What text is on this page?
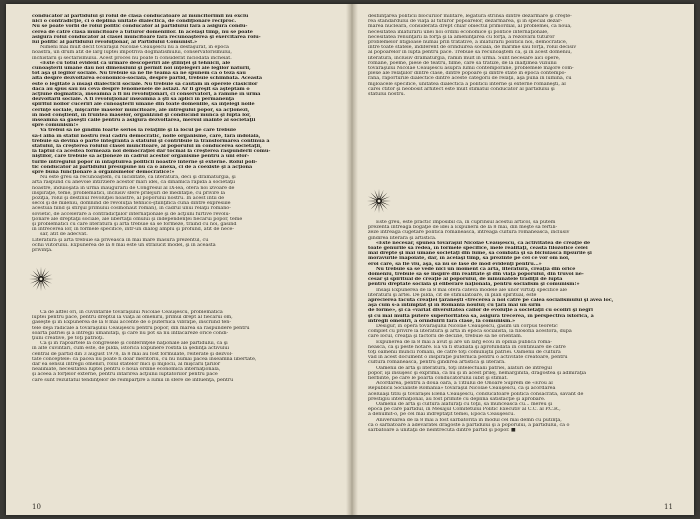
conducător al partidului şi rolul de clasă conducătoare al muncitorimii nu exclu
nici o contradicţie, ci o deplină unitate dialectică, de condiţionare reciproc.
Nu se poate vorbi de rolul politic conducător al partidului fără a asigura condu-
cerea de către clasa muncitoare a tuturor domeniilor. În acelaşi timp, nu se poate
asigura rolul conducător al clasei muncitoare fără recunoaşterea şi exercitarea rolu-
lui politic al partidului revoluţionar, al Partidului Comunist.»
Nimeni mai mult decît tovarăşul Nicolae Ceauşescu nu a desfăşurat, în epoca
noastră, un drum atît de larg luptei împotriva dogmatismului, conservatorismului,
închistării şi sectarismului. Acest proces nu poate fi considerat niciodată încheiat.
«Este cu totul evident că urmare descoperiri ale ştiinţei şi tehnicii, ale
cunoaşterii umane dau noi dimensiuni şi permit noi înţelegeri ale legilor naturii,
tot aşa şi legilor sociale. Nu trebuie să ne fie teamă să ne spunem că o teză sau
alta despre dezvoltarea economico-socială, despre partid, trebuie schimbată. Aceasta
este o legitate a însăşi dialecticii sociale. Nu trebuie să căutăm în operele clasicilor
dacă au spus sau nu ceva despre fenomenele de astăzi. Ar fi greşit să aşteptăm o
acţiune dogmatică, înseamnă a fi nu revoluţionari, ci conservatori, a rămîne în urma
dezvoltării sociale. A fi revoluţionar înseamnă a şti să aplici în permanenţă
spiritul noilor cuceriri ale cunoaşterii umane din toate domeniile, să înţelegi noile
cerinţe sociale, mişcările maselor muncitoare, ale întregului popor, să acţionezi,
în mod conştient, în fruntea maselor, organizînd şi conducînd munca şi lupta lor,
înseamnă să găseşti căile pentru a asigura dezvoltarea, mersul înainte al societăţii
spre comunism!»
Va trebui să ne gîndim foarte serios la relaţiile şi la locul pe care trebuie
să-l aibă în statul nostru real cadru democratic, nolle organisme, care, fără îndoială,
trebuie să devină o parte integrantă a statului şi contribuie la transformarea continuă a
statului, la creşterea rolului clasei muncitoare, al poporului în conducerea societăţii,
la faptul că acestea formează noi democraţiei dar tocmai la creşterea răspunderii comu-
niştilor, care trebuie să acţioneze în cadrul acestor organisme pentru a uni efor-
turile întregului popor în înfăptuirea politicii noastre interne şi externe. Rolul poli-
tic conducător al partidului presupune nu ca o anexa, ci de a coexiste şi a acţiona
spre buna funcţionare a organismelor democratice!»
Nu este greu să recunoaştem, cu luciditate, că literatura, deci şi dramaturgia, şi
arta răspund cu anevoie întîrziere acestor mari idei, că dinamica rapidă a societăţii
noastre, înduioşată în urma inaugurării de Congresul al IX-lea, oferă noi izvoare de
inspiraţie, teme, problematici, inclusiv sfere prilejuri de meditaţie, cu privire la
poziţia, rolul şi destinul revoluţiei noastre, al poporului nostru. În acest întîi de
secol şi de mileniu, domnind de revoluţia tehnico-ştiinţifică cuna dintre expresiile
acestuia fiind şi sfîrşul primului cosmonaut român), în cadrul unui relaţii româno-
sovietic, de accelerare a contradicţiilor internaţionale şi de acţiuni furtive revolu-
ţionare ale dreptăţii sociale, ale libertăţii omului şi independenţei fiecărui popor, teme
şi problematici cu care literatura şi arta trebuie să se formeze, trăind cu noi, găsind
în întrecerea lor, în formele specifice, într-un dialog amplu şi profund, atît de nece-
sar, atît de adecvat.
Literatura şi arta trebuie să privească în mai mare măsură prezentul, cu
ochii viitorului. Expunerea de la 8 mai este un stralucit model, şi în această
privinţă.
Ca de altfel ori, în cuvîntarile tovarăşului Nicolae Ceauşescu, problematica
luptei pentru pace, pentru dreptul la viaţă al omenirii, primul drept al fiecărui om,
găseşte şi în Expunerea de la 8 mai accente de o puternică vibraţie, înscriind ten-
tele deja radicale a tovarăşului Ceauşescu pentru popor, din marea sa răspundere pentru
soarta patriei şi a întregii umanităţi, şi care nu pot să nu înflăcăreze orice condi-
ţiuni creative, pe toţi patrioţi.
Ca şi în rapoartele la congresele şi conferinţele naţionale ale partidului, ca şi
în alte cuvîntări, cum este, de pildă, istorica Expunere rostită la şedinţa activului
central de partid din 3 august 1978, la 8 mai au fost formulate, reiterate şi dezvol-
tate conceptele: că pacea nu poate fi doar meritoriu, cu nu numai pacea înseamnă libertate,
dar ea sensul întregii omeniri, rolul statelor mici şi mijlocii, al mişcării ţărilor
nealiniate, necesitatea luptei pentru o nouă ordine economică internaţională,
şi aceea a forţelor externe, pentru întărirea acţiunii luptătorilor pentru pace
care sunt rezultatul tendinţelor de reîmpărţire a lumii în sfere de influenţă, pentru
10
desfiinţarea politicii blocurilor militare, legătura strînsă dintre dezarmare şi creşte-
rea standardului de viaţă al tuturor popoarelor, dezarmarea, şi în special dezar-
marea nucleară, considerată drept chiar obiectul primordial, al problemei, ca noua,
necesitatea înlăturării unei noi ordini economice şi politice internaţionale,
necesitatea renunţării la forţă şi la ameninţarea cu forţa, a rezolvării tuturor
problemelor litigioase numai prin tratative, a înlăturării politicii noi, democratice,
intre toate statele, indiferent de orînduirea socială, de mărime sau forţă, rolul decisiv
al popoarelor în lupta pentru pace. Trebuie să recunoaştem că, şi în acest domeniu,
literatura, inclusiv dramaturgia, rămîn mult în urmă. Sunt necesare aici opere,
romane, poeme, piese de teatru, filme, care să tratize, de la înălţimea viziunii
tovarăşului Nicolae Ceauşescu asupra lumii contemporane, problemele majore com-
plexe ale relaţiilor dintre clase, dintre popoare şi dintre state în epoca contempo-
rană, raporturile dialectice dintre aceste categorii de relaţii, aşa pună în lumina, cu
mijloacele specifice, unitatea dialectică a politicii interne şi externe româneşti, al
cărei ctitor şi neobosit arhitect este mult stimatul conducător al partidului şi
statului nostru.
Este greu, este practic imposibil ca, în cuprinsul acestui articol, să putem
prezenta întreaga bogăţie de idei a Expunerii de la 8 mai, din meşte să fertili-
zeze întreaga cugetare politică românească, întreaga cultură românească, inclusiv
gîndirea literară şi artistică.
«Este necesar, spunea tovarăşul Nicolae Ceauşescu, ca activitatea de creaţie de
toate genurile să redea, în formele specifice, mele realităţi, ceasta filozofice celei
mai drepte şi mai umane societăţi din lume, să combată şi să biciuiască lipsurile şi
moravurile inapoiate, dar, în acelaşi timp, să prezinte pe cei ce vor om noi,
eroi care, să fie viu, aşa, să nu se lase de mod evidenţi pentru...»
Nu trebuie să se vede nici un moment că arta, literatura, creaţia din orice
domeniu, trebuie să se inspire din realitate şi din viaţa poporului, din truvoi ne-
cesar şi spiritual de creaţie al poporului, de minunatele tradiţii de luptă
pentru dreptate socială şi eliberare naţională, pentru socialism şi comunism!»
Însăşi Expunerea de la 8 mai oferă câteva modele ale unor virtuţi specifice ale
literaturii şi artei. De pildă, cît de stimulatoare, în plan spiritual, este
aprecierea făcută creaţiei ţărănești «trecerea a noi către pe calea socialismului şi avea loc,
aşa cum s-a întîmplat şi în România noului; cu ţara mai un sîrm
de forme», şi că «variat diversitatea căilor de evoluţie a societăţii cu ocoliri şi negri
şi cu mai multă putere superioritatea sa, asigură trecerea, în perspectiva istorică, a
întregii omeniri, a orînduirii fără clase, la comunism.»
Desigur, în opera tovarăşului Nicolae Ceauşescu, găsim un corpus teoretic
complet cu privire la literatura şi artă în epoca socialistă, la filosofia acestora, după
care locul, creaţia şi factorii de decizie, trebuie să ne orientăm.
Expunerea de la 8 mai a avut şi are un larg ecou în opinia publică româ-
nească, ca şi peste hotare. Ea va fi studiată şi aprofundată în continuare de către
toţi oamenii muncii români, de către toţi comuniştii patriei. Oamenii de cultură
vad în acest document o inspiraţie puternică pentru o activitate creatoare, pentru
cultura românească, pentru gîndirea artistică şi literară.
Oamenii de artă şi literatura, toţi intelectualii patriei, alături de întregul
popor, îşi însuşesc şi exprimă, ca nu şi în acest prilej, nemărginita, dragostea şi admiraţia
fierbinte, pe care le poartă conducătorului iubit şi stimat.
Acordarea, pentru a doua oară, a Titlului de Onoare Suprem de «Erou al
Republicii Socialiste România» tovarăşul Nicolae Ceauşescu, ca şi acordarea
aceluiaşi titlu şi tovarăşei Elena Ceauşescu, conducătoare politică consacrată, savant de
prestigiu internaţional, au fost primite cu deplină satisfacţie şi aprobare.
Oamenii de artă şi cultură alăturaţi cu toţii, să muncească cu... mereu şi
epoca pe care partidul, în Mesajul Comitetului Politic Executiv al C.C. al P.C.R.,
a denumit-o, pe cel mai îndreptăţit temei, Epoca Ceauşescu.
Aniversarea de la 8 mai a fost sărbătorită în modul cel mai demn cu putinţă,
ca o sărbătoare a adevăratei dragoste a partidului şi a poporului, a partidului, ca o
sărbătoare a unităţii de neîntrecută dintre partid şi popor. ■
11
